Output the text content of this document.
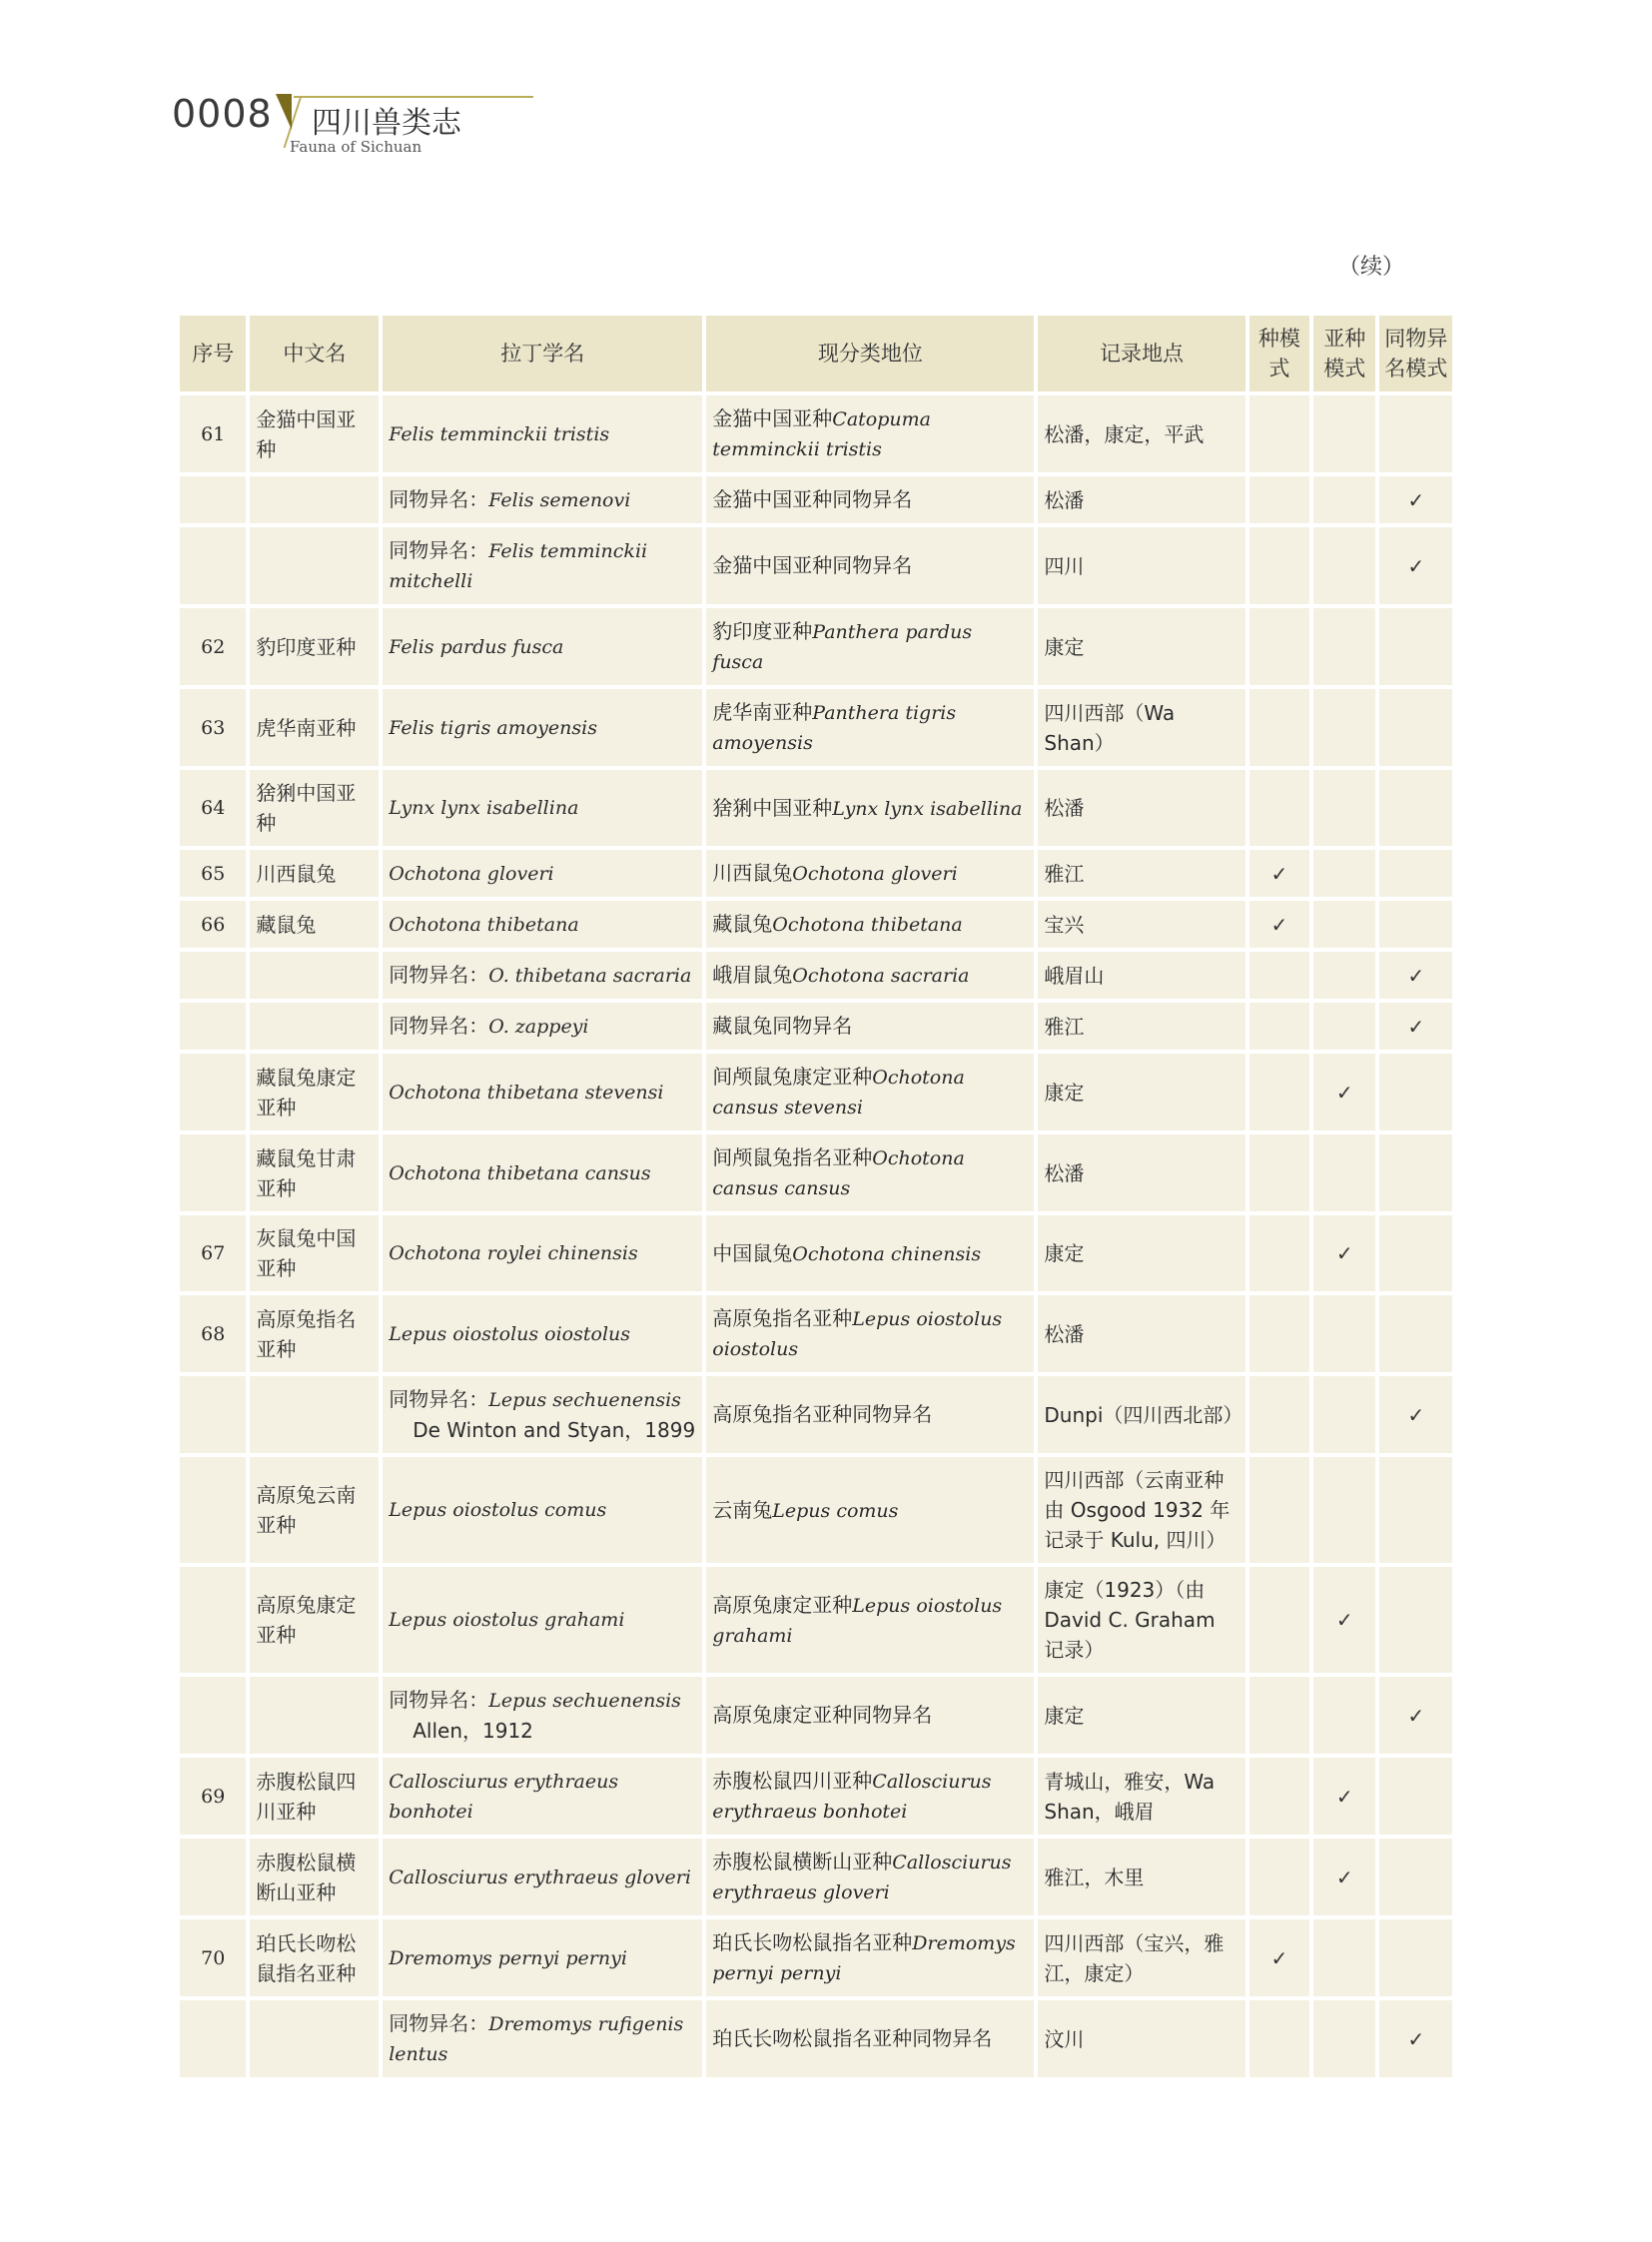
0008 四川兽类志
Fauna of Sichuan
（续）
序号	中文名	拉丁学名	现分类地位	记录地点	种模式	亚种模式	同物异名模式
61	金猫中国亚种	Felis temminckii tristis	金猫中国亚种Catopuma temminckii tristis	松潘，康定，平武			
		同物异名：Felis semenovi	金猫中国亚种同物异名	松潘			✓
		同物异名：Felis temminckii mitchelli	金猫中国亚种同物异名	四川			✓
62	豹印度亚种	Felis pardus fusca	豹印度亚种Panthera pardus fusca	康定			
63	虎华南亚种	Felis tigris amoyensis	虎华南亚种Panthera tigris amoyensis	四川西部（Wa Shan）			
64	猞猁中国亚种	Lynx lynx isabellina	猞猁中国亚种Lynx lynx isabellina	松潘			
65	川西鼠兔	Ochotona gloveri	川西鼠兔Ochotona gloveri	雅江	✓		
66	藏鼠兔	Ochotona thibetana	藏鼠兔Ochotona thibetana	宝兴	✓		
		同物异名：O. thibetana sacraria	峨眉鼠兔Ochotona sacraria	峨眉山			✓
		同物异名：O. zappeyi	藏鼠兔同物异名	雅江			✓
	藏鼠兔康定亚种	Ochotona thibetana stevensi	间颅鼠兔康定亚种Ochotona cansus stevensi	康定		✓	
	藏鼠兔甘肃亚种	Ochotona thibetana cansus	间颅鼠兔指名亚种Ochotona cansus cansus	松潘			
67	灰鼠兔中国亚种	Ochotona roylei chinensis	中国鼠兔Ochotona chinensis	康定		✓	
68	高原兔指名亚种	Lepus oiostolus oiostolus	高原兔指名亚种Lepus oiostolus oiostolus	松潘			
		同物异名：Lepus sechuenensis
De Winton and Styan，1899	高原兔指名亚种同物异名	Dunpi（四川西北部）			✓
	高原兔云南亚种	Lepus oiostolus comus	云南兔Lepus comus	四川西部（云南亚种由 Osgood 1932 年记录于 Kulu, 四川）			
	高原兔康定亚种	Lepus oiostolus grahami	高原兔康定亚种Lepus oiostolus grahami	康定（1923）（由 David C. Graham 记录）		✓	
		同物异名：Lepus sechuenensis
Allen，1912	高原兔康定亚种同物异名	康定			✓
69	赤腹松鼠四川亚种	Callosciurus erythraeus bonhotei	赤腹松鼠四川亚种Callosciurus erythraeus bonhotei	青城山，雅安，Wa Shan，峨眉		✓	
	赤腹松鼠横断山亚种	Callosciurus erythraeus gloveri	赤腹松鼠横断山亚种Callosciurus erythraeus gloveri	雅江，木里		✓	
70	珀氏长吻松鼠指名亚种	Dremomys pernyi pernyi	珀氏长吻松鼠指名亚种Dremomys pernyi pernyi	四川西部（宝兴，雅江，康定）	✓		
		同物异名：Dremomys rufigenis lentus	珀氏长吻松鼠指名亚种同物异名	汶川			✓
